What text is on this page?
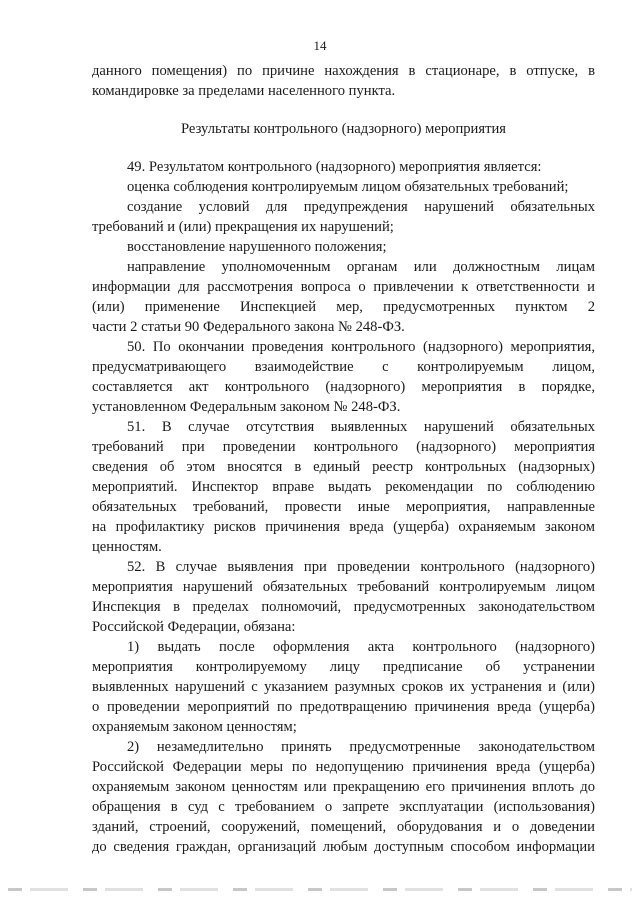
14
данного помещения) по причине нахождения в стационаре, в отпуске, в
командировке за пределами населенного пункта.
Результаты контрольного (надзорного) мероприятия
49. Результатом контрольного (надзорного) мероприятия является:
оценка соблюдения контролируемым лицом обязательных требований;
создание условий для предупреждения нарушений обязательных
требований и (или) прекращения их нарушений;
восстановление нарушенного положения;
направление уполномоченным органам или должностным лицам
информации для рассмотрения вопроса о привлечении к ответственности и
(или) применение Инспекцией мер, предусмотренных пунктом 2
части 2 статьи 90 Федерального закона № 248-ФЗ.
50. По окончании проведения контрольного (надзорного) мероприятия,
предусматривающего взаимодействие с контролируемым лицом,
составляется акт контрольного (надзорного) мероприятия в порядке,
установленном Федеральным законом № 248-ФЗ.
51. В случае отсутствия выявленных нарушений обязательных
требований при проведении контрольного (надзорного) мероприятия
сведения об этом вносятся в единый реестр контрольных (надзорных)
мероприятий. Инспектор вправе выдать рекомендации по соблюдению
обязательных требований, провести иные мероприятия, направленные
на профилактику рисков причинения вреда (ущерба) охраняемым законом
ценностям.
52. В случае выявления при проведении контрольного (надзорного)
мероприятия нарушений обязательных требований контролируемым лицом
Инспекция в пределах полномочий, предусмотренных законодательством
Российской Федерации, обязана:
1) выдать после оформления акта контрольного (надзорного)
мероприятия контролируемому лицу предписание об устранении
выявленных нарушений с указанием разумных сроков их устранения и (или)
о проведении мероприятий по предотвращению причинения вреда (ущерба)
охраняемым законом ценностям;
2) незамедлительно принять предусмотренные законодательством
Российской Федерации меры по недопущению причинения вреда (ущерба)
охраняемым законом ценностям или прекращению его причинения вплоть до
обращения в суд с требованием о запрете эксплуатации (использования)
зданий, строений, сооружений, помещений, оборудования и о доведении
до сведения граждан, организаций любым доступным способом информации
